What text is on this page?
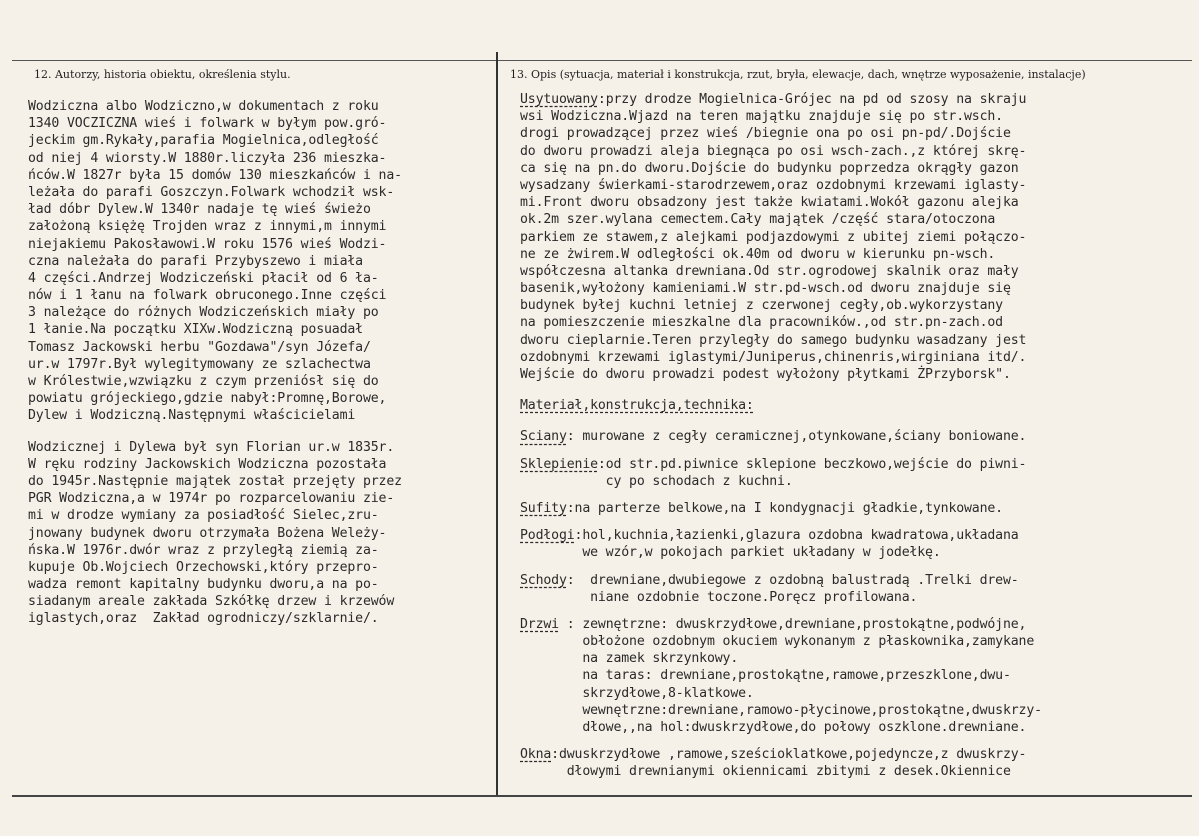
12. Autorzy, historia obiektu, określenia stylu.	13. Opis (sytuacja, materiał i konstrukcja, rzut, bryła, elewacje, dach, wnętrze wyposażenie, instalacje)
Wodziczna albo Wodziczno,w dokumentach z roku
1340 VOCZICZNA wieś i folwark w byłym pow.gró-
jeckim gm.Rykały,parafia Mogielnica,odległość
od niej 4 wiorsty.W 1880r.liczyła 236 mieszka-
ńców.W 1827r była 15 domów 130 mieszkańców i na-
leżała do parafi Goszczyn.Folwark wchodził wsk-
ład dóbr Dylew.W 1340r nadaje tę wieś świeżo
założoną księżę Trojden wraz z innymi,m innymi
niejakiemu Pakosławowi.W roku 1576 wieś Wodzi-
czna należała do parafi Przybyszewo i miała
4 części.Andrzej Wodziczeński płacił od 6 ła-
nów i 1 łanu na folwark obruconego.Inne części
3 należące do różnych Wodziczeńskich miały po
1 łanie.Na początku XIXw.Wodziczną posuadał
Tomasz Jackowski herbu "Gozdawa"/syn Józefa/
ur.w 1797r.Był wylegitymowany ze szlachectwa
w Królestwie,wzwiązku z czym przeniósł się do
powiatu grójeckiego,gdzie nabył:Promnę,Borowe,
Dylew i Wodziczną.Następnymi właścicielami
Wodzicznej i Dylewa był syn Florian ur.w 1835r.
W ręku rodziny Jackowskich Wodziczna pozostała
do 1945r.Następnie majątek został przejęty przez
PGR Wodziczna,a w 1974r po rozparcelowaniu zie-
mi w drodze wymiany za posiadłość Sielec,zru-
jnowany budynek dworu otrzymała Bożena Weleży-
ńska.W 1976r.dwór wraz z przyległą ziemią za-
kupuje Ob.Wojciech Orzechowski,który przepro-
wadza remont kapitalny budynku dworu,a na po-
siadanym areale zakłada Szkółkę drzew i krzewów
iglastych,oraz  Zakład ogrodniczy/szklarnie/.
Usytuowany:przy drodze Mogielnica-Grójec na pd od szosy na skraju
wsi Wodziczna.Wjazd na teren majątku znajduje się po str.wsch.
drogi prowadzącej przez wieś /biegnie ona po osi pn-pd/.Dojście
do dworu prowadzi aleja biegnąca po osi wsch-zach.,z której skrę-
ca się na pn.do dworu.Dojście do budynku poprzedza okrągły gazon
wysadzany świerkami-starodrzewem,oraz ozdobnymi krzewami iglasty-
mi.Front dworu obsadzony jest także kwiatami.Wokół gazonu alejka
ok.2m szer.wylana cemectem.Cały majątek /część stara/otoczona
parkiem ze stawem,z alejkami podjazdowymi z ubitej ziemi połączo-
ne ze żwirem.W odległości ok.40m od dworu w kierunku pn-wsch.
współczesna altanka drewniana.Od str.ogrodowej skalnik oraz mały
basenik,wyłożony kamieniami.W str.pd-wsch.od dworu znajduje się
budynek byłej kuchni letniej z czerwonej cegły,ob.wykorzystany
na pomieszczenie mieszkalne dla pracowników.,od str.pn-zach.od
dworu cieplarnie.Teren przyległy do samego budynku wasadzany jest
ozdobnymi krzewami iglastymi/Juniperus,chinenris,wirginiana itd/.
Wejście do dworu prowadzi podest wyłożony płytkami ŻPrzyborsk".
Materiał,konstrukcja,technika:
Sciany: murowane z cegły ceramicznej,otynkowane,ściany boniowane.
Sklepienie:od str.pd.piwnice sklepione beczkowo,wejście do piwni-
cy po schodach z kuchni.
Sufity:na parterze belkowe,na I kondygnacji gładkie,tynkowane.
Podłogi:hol,kuchnia,łazienki,glazura ozdobna kwadratowa,układana
we wzór,w pokojach parkiet układany w jodełkę.
Schody:  drewniane,dwubiegowe z ozdobną balustradą .Trelki drew-
niane ozdobnie toczone.Poręcz profilowana.
Drzwi : zewnętrzne: dwuskrzydłowe,drewniane,prostokątne,podwójne,
obłożone ozdobnym okuciem wykonanym z płaskownika,zamykane
na zamek skrzynkowy.
na taras: drewniane,prostokątne,ramowe,przeszklone,dwu-
skrzydłowe,8-klatkowe.
wewnętrzne:drewniane,ramowo-płycinowe,prostokątne,dwuskrzy-
dłowe,,na hol:dwuskrzydłowe,do połowy oszklone.drewniane.
Okna:dwuskrzydłowe ,ramowe,sześcioklatkowe,pojedyncze,z dwuskrzy-
dłowymi drewnianymi okiennicami zbitymi z desek.Okiennice
